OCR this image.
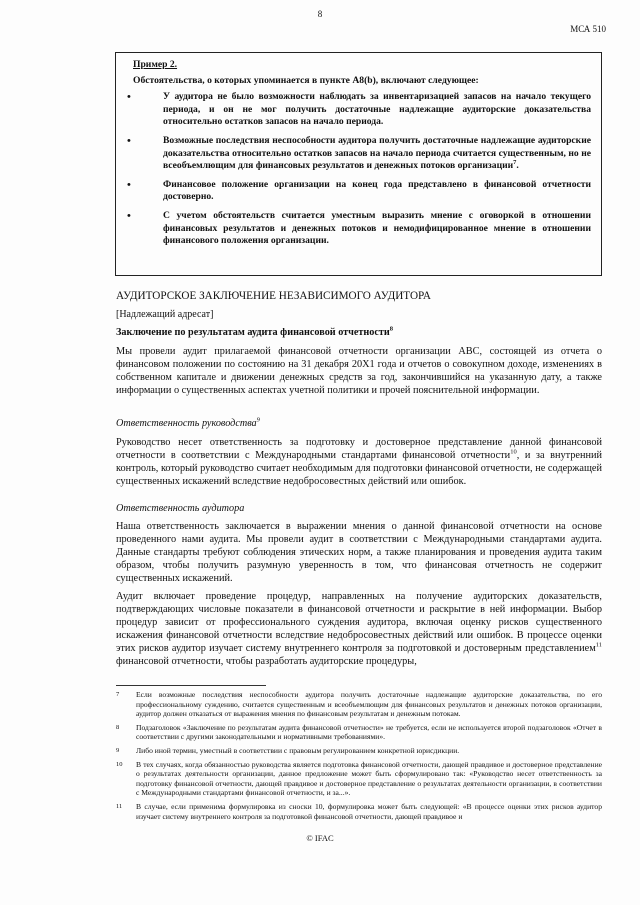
8
МСА 510

Пример 2.

Обстоятельства, о которых упоминается в пункте A8(b), включают следующее:

•	У аудитора не было возможности наблюдать за инвентаризацией запасов на начало текущего периода, и он не мог получить достаточные надлежащие аудиторские доказательства относительно остатков запасов на начало периода.
•	Возможные последствия неспособности аудитора получить достаточные надлежащие аудиторские доказательства относительно остатков запасов на начало периода считается существенным, но не всеобъемлющим для финансовых результатов и денежных потоков организации$^7$.
•	Финансовое положение организации на конец года представлено в финансовой отчетности достоверно.
•	С учетом обстоятельств считается уместным выразить мнение с оговоркой в отношении финансовых результатов и денежных потоков и немодифицированное мнение в отношении финансового положения организации.
АУДИТОРСКОЕ ЗАКЛЮЧЕНИЕ НЕЗАВИСИМОГО АУДИТОРА
[Надлежащий адресат]
Заключение по результатам аудита финансовой отчетности$^8$

Мы провели аудит прилагаемой финансовой отчетности организации ABC, состоящей из отчета о финансовом положении по состоянию на 31 декабря 20X1 года и отчетов о совокупном доходе, изменениях в собственном капитале и движении денежных средств за год, закончившийся на указанную дату, а также информации о существенных аспектах учетной политики и прочей пояснительной информации.

Ответственность руководства$^9$

Руководство несет ответственность за подготовку и достоверное представление данной финансовой отчетности в соответствии с Международными стандартами финансовой отчетности$^{10}$, и за внутренний контроль, который руководство считает необходимым для подготовки финансовой отчетности, не содержащей существенных искажений вследствие недобросовестных действий или ошибок.

Ответственность аудитора

Наша ответственность заключается в выражении мнения о данной финансовой отчетности на основе проведенного нами аудита. Мы провели аудит в соответствии с Международными стандартами аудита. Данные стандарты требуют соблюдения этических норм, а также планирования и проведения аудита таким образом, чтобы получить разумную уверенность в том, что финансовая отчетность не содержит существенных искажений.

Аудит включает проведение процедур, направленных на получение аудиторских доказательств, подтверждающих числовые показатели в финансовой отчетности и раскрытие в ней информации. Выбор процедур зависит от профессионального суждения аудитора, включая оценку рисков существенного искажения финансовой отчетности вследствие недобросовестных действий или ошибок. В процессе оценки этих рисков аудитор изучает систему внутреннего контроля за подготовкой и достоверным представлением$^{11}$ финансовой отчетности, чтобы разработать аудиторские процедуры,

7 Если возможные последствия неспособности аудитора получить достаточные надлежащие аудиторские доказательства, по его профессиональному суждению, считается существенным и всеобъемлющим для финансовых результатов и денежных потоков организации, аудитор должен отказаться от выражения мнения по финансовым результатам и денежным потокам.
8 Подзаголовок «Заключение по результатам аудита финансовой отчетности» не требуется, если не используется второй подзаголовок «Отчет в соответствии с другими законодательными и нормативными требованиями».
9 Либо иной термин, уместный в соответствии с правовым регулированием конкретной юрисдикции.
10 В тех случаях, когда обязанностью руководства является подготовка финансовой отчетности, дающей правдивое и достоверное представление о результатах деятельности организации, данное предложение может быть сформулировано так: «Руководство несет ответственность за подготовку финансовой отчетности, дающей правдивое и достоверное представление о результатах деятельности организации, в соответствии с Международными стандартами финансовой отчетности, и за...».
11 В случае, если применима формулировка из сноски 10, формулировка может быть следующей: «В процессе оценки этих рисков аудитор изучает систему внутреннего контроля за подготовкой финансовой отчетности, дающей правдивое и
© IFAC
